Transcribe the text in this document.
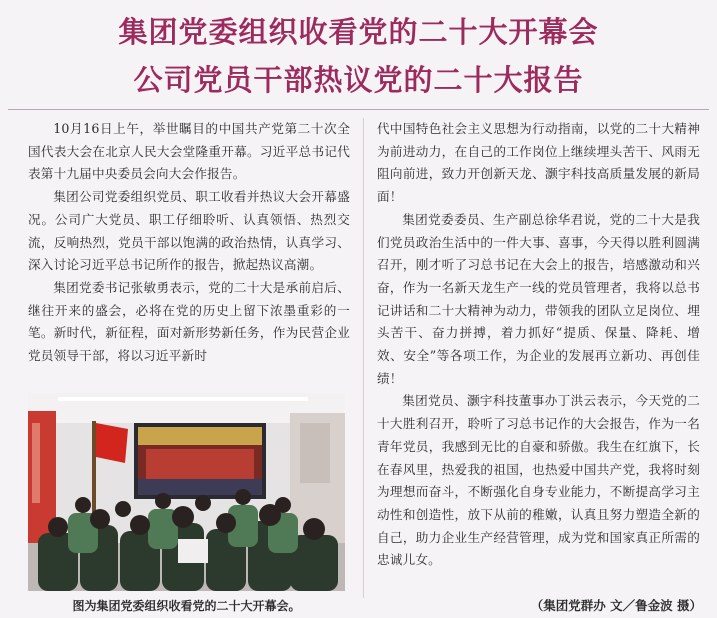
集团党委组织收看党的二十大开幕会
公司党员干部热议党的二十大报告

10月16日上午，举世瞩目的中国共产党第二十次全国代表大会在北京人民大会堂隆重开幕。习近平总书记代表第十九届中央委员会向大会作报告。

集团公司党委组织党员、职工收看并热议大会开幕盛况。公司广大党员、职工仔细聆听、认真领悟、热烈交流，反响热烈，党员干部以饱满的政治热情，认真学习、深入讨论习近平总书记所作的报告，掀起热议高潮。

集团党委书记张敏勇表示，党的二十大是承前启后、继往开来的盛会，必将在党的历史上留下浓墨重彩的一笔。新时代，新征程，面对新形势新任务，作为民营企业党员领导干部，将以习近平新时

代中国特色社会主义思想为行动指南，以党的二十大精神为前进动力，在自己的工作岗位上继续埋头苦干、风雨无阻向前进，致力开创新天龙、灏宇科技高质量发展的新局面！

集团党委委员、生产副总徐华君说，党的二十大是我们党员政治生活中的一件大事、喜事，今天得以胜利圆满召开，刚才听了习总书记在大会上的报告，培感激动和兴奋，作为一名新天龙生产一线的党员管理者，我将以总书记讲话和二十大精神为动力，带领我的团队立足岗位、埋头苦干、奋力拼搏，着力抓好“提质、保量、降耗、增效、安全”等各项工作，为企业的发展再立新功、再创佳绩！

集团党员、灏宇科技董事办丁洪云表示，今天党的二十大胜利召开，聆听了习总书记作的大会报告，作为一名青年党员，我感到无比的自豪和骄傲。我生在红旗下，长在春风里，热爱我的祖国，也热爱中国共产党，我将时刻为理想而奋斗，不断强化自身专业能力，不断提高学习主动性和创造性，放下从前的稚嫩，认真且努力塑造全新的自己，助力企业生产经营管理，成为党和国家真正所需的忠诚儿女。

图为集团党委组织收看党的二十大开幕会。	（集团党群办 文／鲁金波 摄）
